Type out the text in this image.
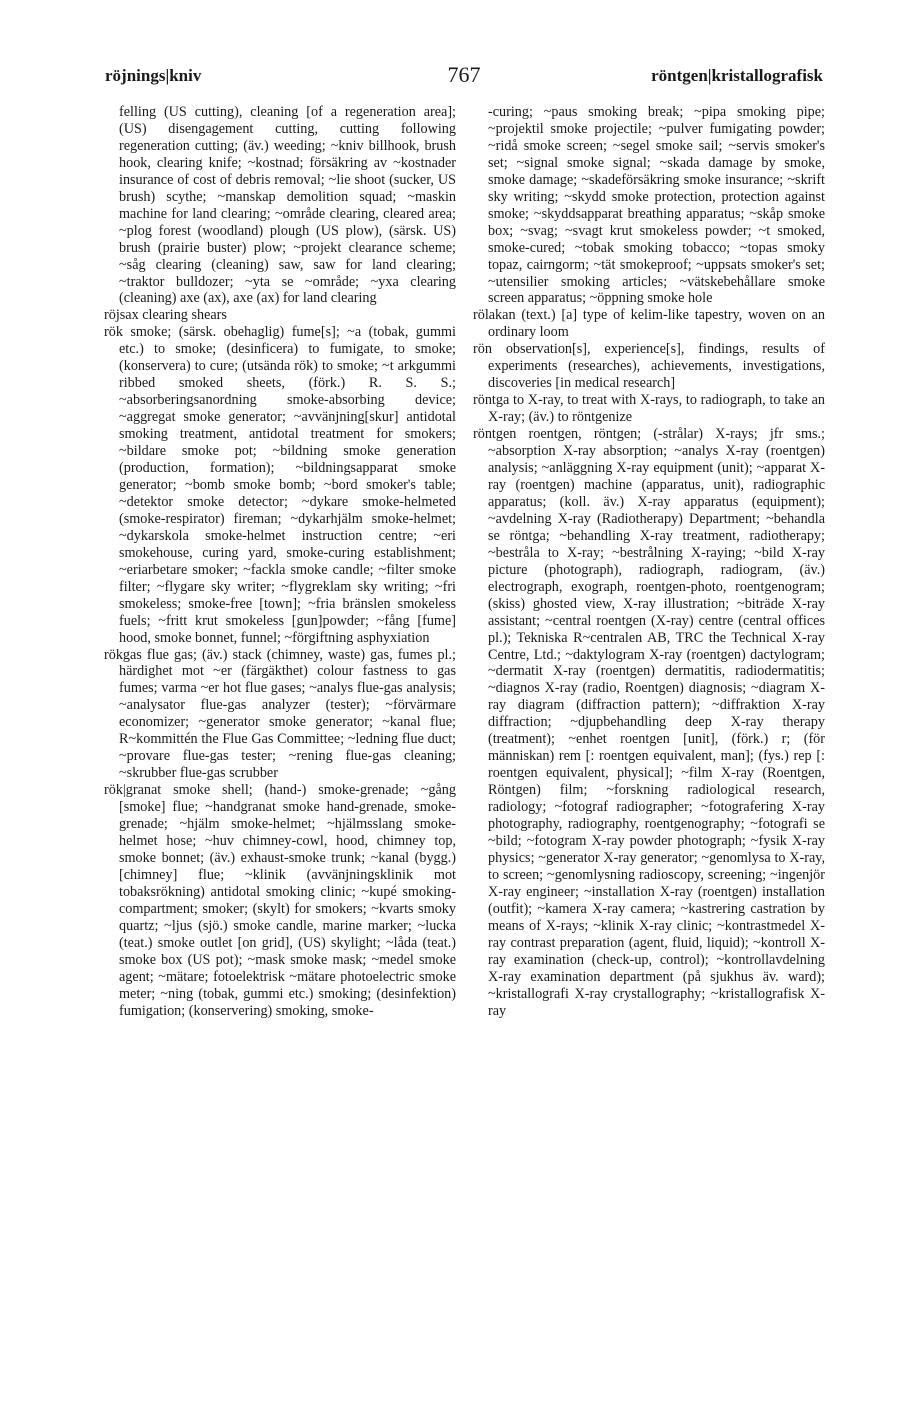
röjnings|kniv	767	röntgen|kristallografisk

felling (US cutting), cleaning [of a regeneration area]; (US) disengagement cutting, cutting following regeneration cutting; (äv.) weeding; ~kniv billhook, brush hook, clearing knife; ~kostnad; försäkring av ~kostnader insurance of cost of debris removal; ~lie shoot (sucker, US brush) scythe; ~manskap demolition squad; ~maskin machine for land clearing; ~område clearing, cleared area; ~plog forest (woodland) plough (US plow), (särsk. US) brush (prairie buster) plow; ~projekt clearance scheme; ~såg clearing (cleaning) saw, saw for land clearing; ~traktor bulldozer; ~yta se ~område; ~yxa clearing (cleaning) axe (ax), axe (ax) for land clearing

röjsax clearing shears

rök smoke; (särsk. obehaglig) fume[s]; ~a (tobak, gummi etc.) to smoke; (desinficera) to fumigate, to smoke; (konservera) to cure; (utsända rök) to smoke; ~t arkgummi ribbed smoked sheets, (förk.) R. S. S.; ~absorberingsanordning smoke-absorbing device; ~aggregat smoke generator; ~avvänjning[skur] antidotal smoking treatment, antidotal treatment for smokers; ~bildare smoke pot; ~bildning smoke generation (production, formation); ~bildningsapparat smoke generator; ~bomb smoke bomb; ~bord smoker's table; ~detektor smoke detector; ~dykare smoke-helmeted (smoke-respirator) fireman; ~dykarhjälm smoke-helmet; ~dykarskola smoke-helmet instruction centre; ~eri smokehouse, curing yard, smoke-curing establishment; ~eriarbetare smoker; ~fackla smoke candle; ~filter smoke filter; ~flygare sky writer; ~flygreklam sky writing; ~fri smokeless; smoke-free [town]; ~fria bränslen smokeless fuels; ~fritt krut smokeless [gun]powder; ~fång [fume] hood, smoke bonnet, funnel; ~förgiftning asphyxiation

rökgas flue gas; (äv.) stack (chimney, waste) gas, fumes pl.; härdighet mot ~er (färgäkthet) colour fastness to gas fumes; varma ~er hot flue gases; ~analys flue-gas analysis; ~analysator flue-gas analyzer (tester); ~förvärmare economizer; ~generator smoke generator; ~kanal flue; R~kommittén the Flue Gas Committee; ~ledning flue duct; ~provare flue-gas tester; ~rening flue-gas cleaning; ~skrubber flue-gas scrubber

rök|granat smoke shell; (hand-) smoke-grenade; ~gång [smoke] flue; ~handgranat smoke hand-grenade, smoke-grenade; ~hjälm smoke-helmet; ~hjälmsslang smoke-helmet hose; ~huv chimney-cowl, hood, chimney top, smoke bonnet; (äv.) exhaust-smoke trunk; ~kanal (bygg.) [chimney] flue; ~klinik (avvänjningsklinik mot tobaksrökning) antidotal smoking clinic; ~kupé smoking-compartment; smoker; (skylt) for smokers; ~kvarts smoky quartz; ~ljus (sjö.) smoke candle, marine marker; ~lucka (teat.) smoke outlet [on grid], (US) skylight; ~låda (teat.) smoke box (US pot); ~mask smoke mask; ~medel smoke agent; ~mätare; fotoelektrisk ~mätare photoelectric smoke meter; ~ning (tobak, gummi etc.) smoking; (desinfektion) fumigation; (konservering) smoking, smoke-

-curing; ~paus smoking break; ~pipa smoking pipe; ~projektil smoke projectile; ~pulver fumigating powder; ~ridå smoke screen; ~segel smoke sail; ~servis smoker's set; ~signal smoke signal; ~skada damage by smoke, smoke damage; ~skadeförsäkring smoke insurance; ~skrift sky writing; ~skydd smoke protection, protection against smoke; ~skyddsapparat breathing apparatus; ~skåp smoke box; ~svag; ~svagt krut smokeless powder; ~t smoked, smoke-cured; ~tobak smoking tobacco; ~topas smoky topaz, cairngorm; ~tät smokeproof; ~uppsats smoker's set; ~utensilier smoking articles; ~vätskebehållare smoke screen apparatus; ~öppning smoke hole

rölakan (text.) [a] type of kelim-like tapestry, woven on an ordinary loom

rön observation[s], experience[s], findings, results of experiments (researches), achievements, investigations, discoveries [in medical research]

röntga to X-ray, to treat with X-rays, to radiograph, to take an X-ray; (äv.) to röntgenize

röntgen roentgen, röntgen; (-strålar) X-rays; jfr sms.; ~absorption X-ray absorption; ~analys X-ray (roentgen) analysis; ~anläggning X-ray equipment (unit); ~apparat X-ray (roentgen) machine (apparatus, unit), radiographic apparatus; (koll. äv.) X-ray apparatus (equipment); ~avdelning X-ray (Radiotherapy) Department; ~behandla se röntga; ~behandling X-ray treatment, radiotherapy; ~bestråla to X-ray; ~bestrålning X-raying; ~bild X-ray picture (photograph), radiograph, radiogram, (äv.) electrograph, exograph, roentgen-photo, roentgenogram; (skiss) ghosted view, X-ray illustration; ~biträde X-ray assistant; ~central roentgen (X-ray) centre (central offices pl.); Tekniska R~centralen AB, TRC the Technical X-ray Centre, Ltd.; ~daktylogram X-ray (roentgen) dactylogram; ~dermatit X-ray (roentgen) dermatitis, radiodermatitis; ~diagnos X-ray (radio, Roentgen) diagnosis; ~diagram X-ray diagram (diffraction pattern); ~diffraktion X-ray diffraction; ~djupbehandling deep X-ray therapy (treatment); ~enhet roentgen [unit], (förk.) r; (för människan) rem [: roentgen equivalent, man]; (fys.) rep [: roentgen equivalent, physical]; ~film X-ray (Roentgen, Röntgen) film; ~forskning radiological research, radiology; ~fotograf radiographer; ~fotografering X-ray photography, radiography, roentgenography; ~fotografi se ~bild; ~fotogram X-ray powder photograph; ~fysik X-ray physics; ~generator X-ray generator; ~genomlysa to X-ray, to screen; ~genomlysning radioscopy, screening; ~ingenjör X-ray engineer; ~installation X-ray (roentgen) installation (outfit); ~kamera X-ray camera; ~kastrering castration by means of X-rays; ~klinik X-ray clinic; ~kontrastmedel X-ray contrast preparation (agent, fluid, liquid); ~kontroll X-ray examination (check-up, control); ~kontrollavdelning X-ray examination department (på sjukhus äv. ward); ~kristallografi X-ray crystallography; ~kristallografisk X-ray
